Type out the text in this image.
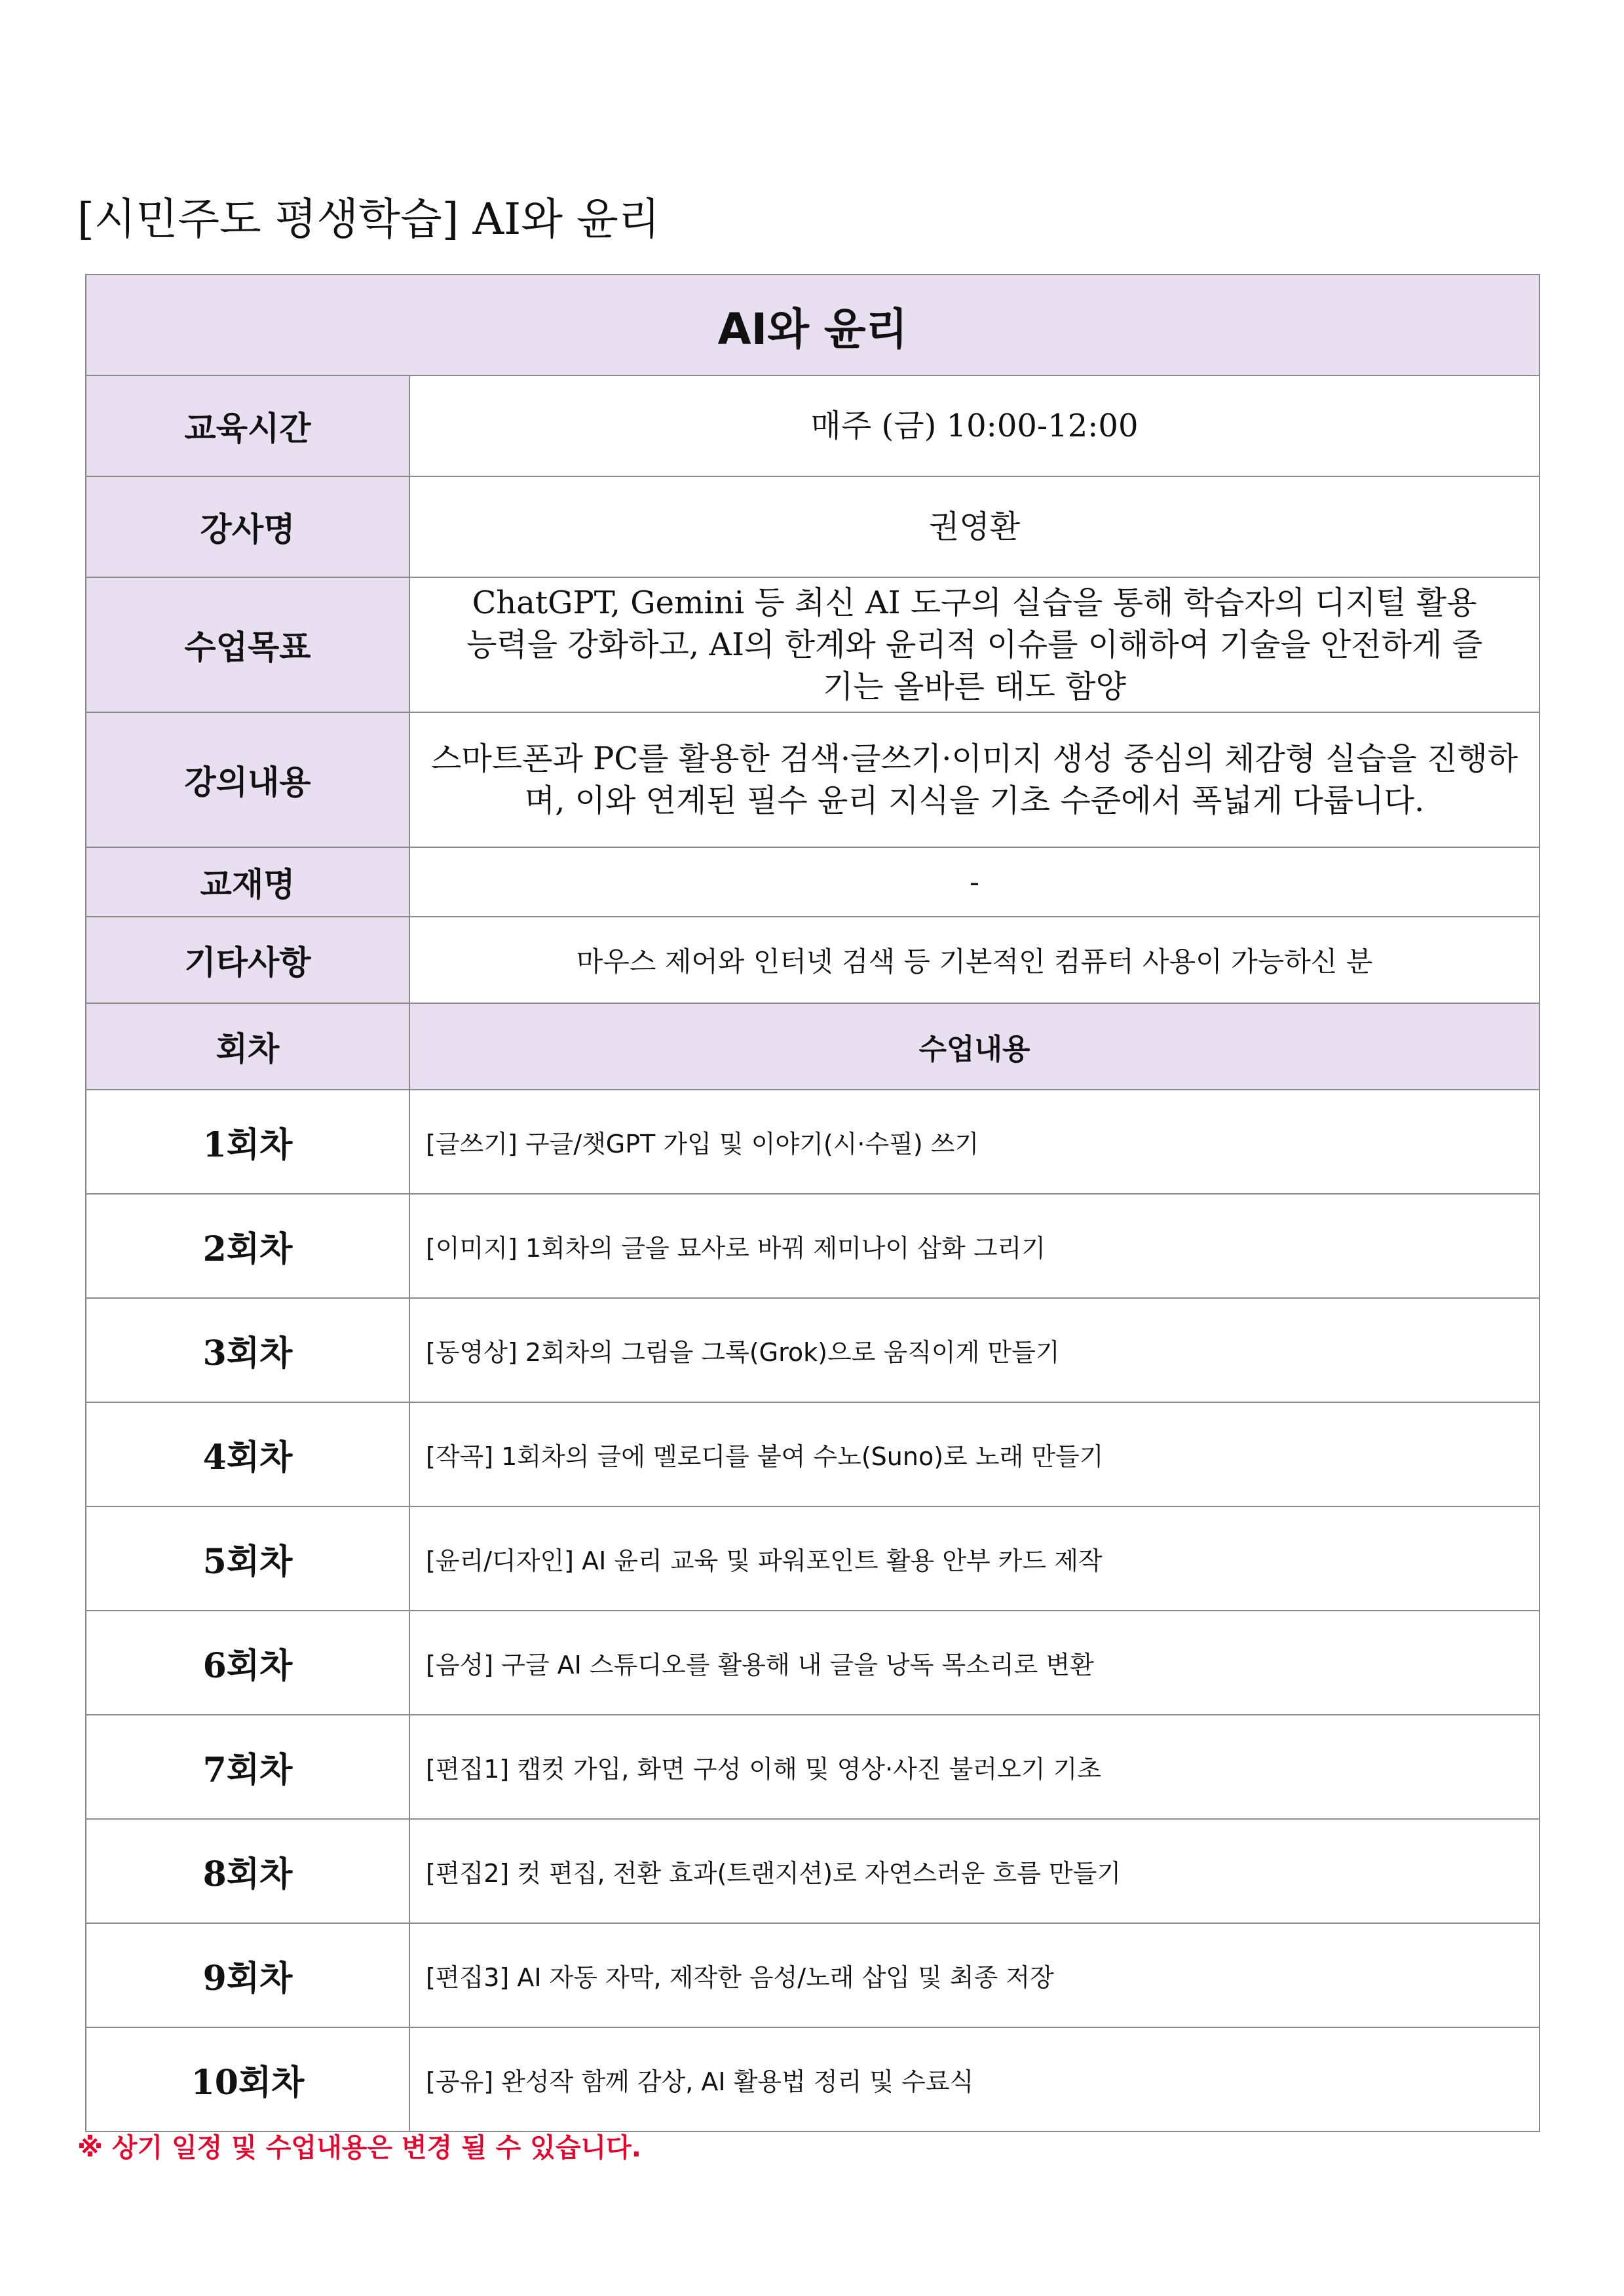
[시민주도 평생학습] AI와 윤리
AI와 윤리	
교육시간	매주 (금) 10:00-12:00
강사명	권영환
수업목표	ChatGPT, Gemini 등 최신 AI 도구의 실습을 통해 학습자의 디지털 활용 능력을 강화하고, AI의 한계와 윤리적 이슈를 이해하여 기술을 안전하게 즐기는 올바른 태도 함양
강의내용	스마트폰과 PC를 활용한 검색·글쓰기·이미지 생성 중심의 체감형 실습을 진행하며, 이와 연계된 필수 윤리 지식을 기초 수준에서 폭넓게 다룹니다.
교재명	-
기타사항	마우스 제어와 인터넷 검색 등 기본적인 컴퓨터 사용이 가능하신 분
회차	수업내용
1회차	[글쓰기] 구글/챗GPT 가입 및 이야기(시·수필) 쓰기
2회차	[이미지] 1회차의 글을 묘사로 바꿔 제미나이 삽화 그리기
3회차	[동영상] 2회차의 그림을 그록(Grok)으로 움직이게 만들기
4회차	[작곡] 1회차의 글에 멜로디를 붙여 수노(Suno)로 노래 만들기
5회차	[윤리/디자인] AI 윤리 교육 및 파워포인트 활용 안부 카드 제작
6회차	[음성] 구글 AI 스튜디오를 활용해 내 글을 낭독 목소리로 변환
7회차	[편집1] 캡컷 가입, 화면 구성 이해 및 영상·사진 불러오기 기초
8회차	[편집2] 컷 편집, 전환 효과(트랜지션)로 자연스러운 흐름 만들기
9회차	[편집3] AI 자동 자막, 제작한 음성/노래 삽입 및 최종 저장
10회차	[공유] 완성작 함께 감상, AI 활용법 정리 및 수료식
※ 상기 일정 및 수업내용은 변경 될 수 있습니다.
